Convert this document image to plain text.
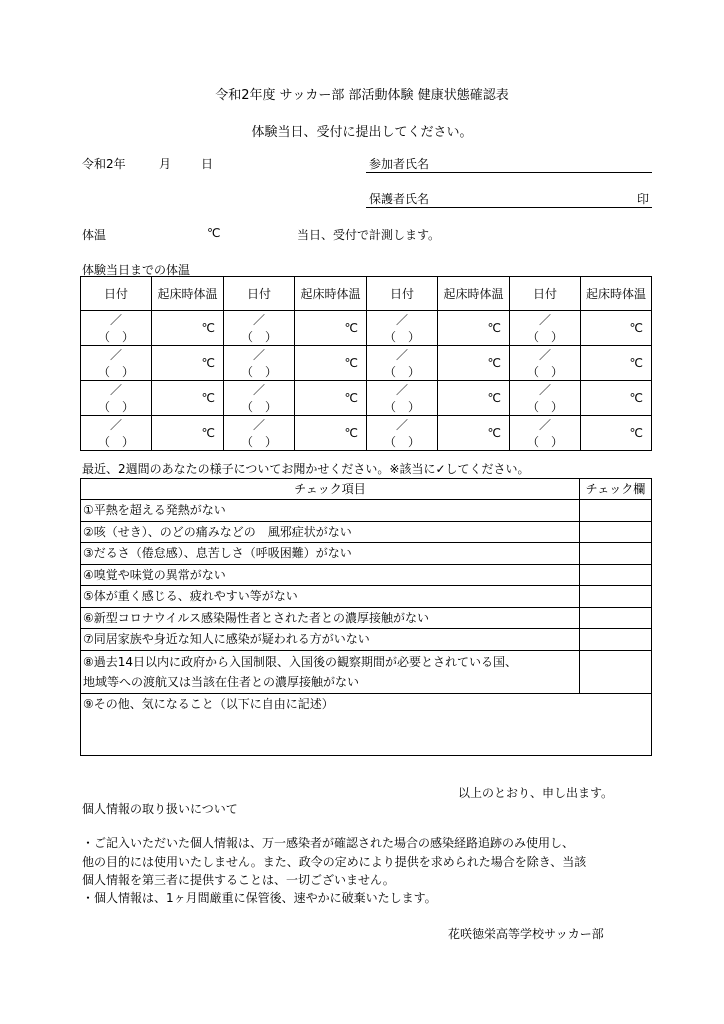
令和2年度 サッカー部 部活動体験 健康状態確認表
体験当日、受付に提出してください。
令和2年	月 日	参加者氏名
保護者氏名	印
体温	℃	当日、受付で計測します。
体験当日までの体温
日付	起床時体温	日付	起床時体温	日付	起床時体温	日付	起床時体温
／（　）	℃	／（　）	℃	／（　）	℃	／（　）	℃
／（　）	℃	／（　）	℃	／（　）	℃	／（　）	℃
／（　）	℃	／（　）	℃	／（　）	℃	／（　）	℃
／（　）	℃	／（　）	℃	／（　）	℃	／（　）	℃
最近、2週間のあなたの様子についてお聞かせください。※該当に✓してください。
チェック項目	チェック欄
①平熱を超える発熱がない	
②咳（せき）、のどの痛みなどの　風邪症状がない	
③だるさ（倦怠感）、息苦しさ（呼吸困難）がない	
④嗅覚や味覚の異常がない	
⑤体が重く感じる、疲れやすい等がない	
⑥新型コロナウイルス感染陽性者とされた者との濃厚接触がない	
⑦同居家族や身近な知人に感染が疑われる方がいない	

⑧過去14日以内に政府から入国制限、入国後の観察期間が必要とされている国、
地域等への渡航又は当該在住者との濃厚接触がない	

⑨その他、気になること（以下に自由に記述）	
以上のとおり、申し出ます。
個人情報の取り扱いについて
・ご記入いただいた個人情報は、万一感染者が確認された場合の感染経路追跡のみ使用し、
他の目的には使用いたしません。また、政令の定めにより提供を求められた場合を除き、当該
個人情報を第三者に提供することは、一切ございません。
・個人情報は、1ヶ月間厳重に保管後、速やかに破棄いたします。
花咲徳栄高等学校サッカー部
